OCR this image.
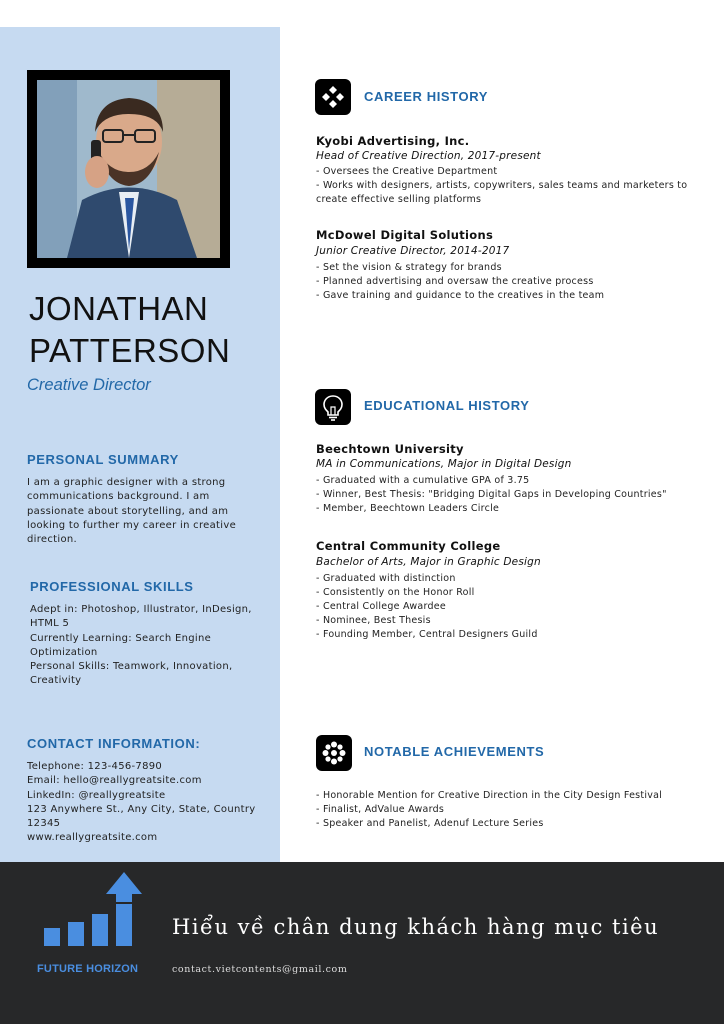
JONATHAN
PATTERSON
Creative Director
PERSONAL SUMMARY
I am a graphic designer with a strong
communications background. I am
passionate about storytelling, and am
looking to further my career in creative
direction.
PROFESSIONAL SKILLS
Adept in: Photoshop, Illustrator, InDesign,
HTML 5
Currently Learning: Search Engine
Optimization
Personal Skills: Teamwork, Innovation,
Creativity
CONTACT INFORMATION:
Telephone: 123-456-7890
Email: hello@reallygreatsite.com
LinkedIn: @reallygreatsite
123 Anywhere St., Any City, State, Country
12345
www.reallygreatsite.com
CAREER HISTORY
Kyobi Advertising, Inc.
Head of Creative Direction, 2017-present
- Oversees the Creative Department
- Works with designers, artists, copywriters, sales teams and marketers to
create effective selling platforms
McDowel Digital Solutions
Junior Creative Director, 2014-2017
- Set the vision & strategy for brands
- Planned advertising and oversaw the creative process
- Gave training and guidance to the creatives in the team
EDUCATIONAL HISTORY
Beechtown University
MA in Communications, Major in Digital Design
- Graduated with a cumulative GPA of 3.75
- Winner, Best Thesis: "Bridging Digital Gaps in Developing Countries"
- Member, Beechtown Leaders Circle
Central Community College
Bachelor of Arts, Major in Graphic Design
- Graduated with distinction
- Consistently on the Honor Roll
- Central College Awardee
- Nominee, Best Thesis
- Founding Member, Central Designers Guild
NOTABLE ACHIEVEMENTS
- Honorable Mention for Creative Direction in the City Design Festival
- Finalist, AdValue Awards
- Speaker and Panelist, Adenuf Lecture Series
FUTURE HORIZON
Hiểu về chân dung khách hàng mục tiêu
contact.vietcontents@gmail.com
